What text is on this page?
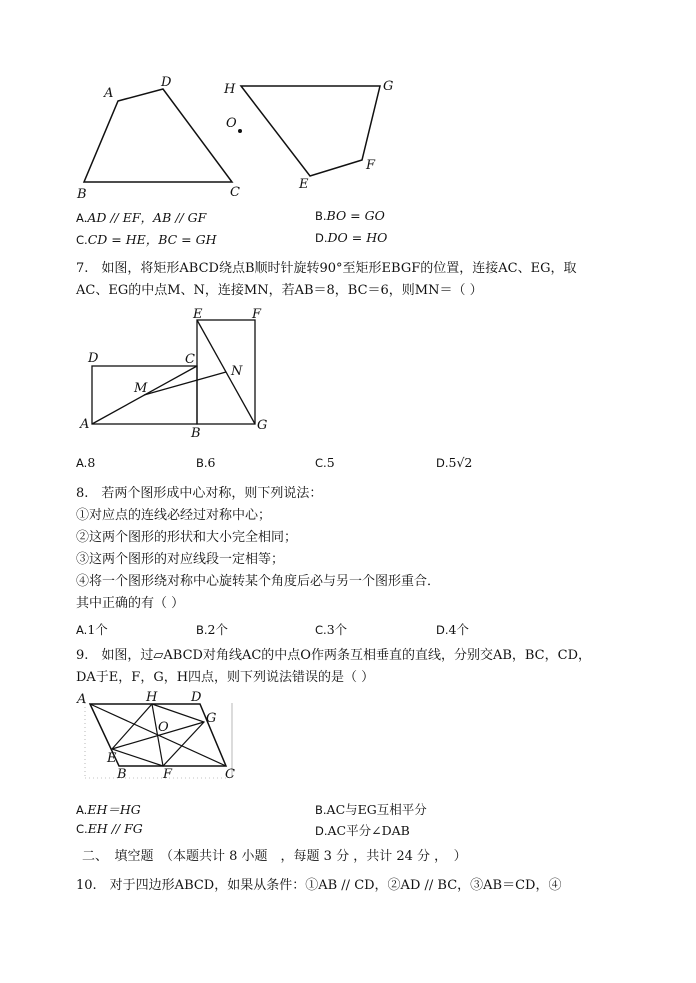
A
D
B	C
H	G
O
F
E
E	F
D	C
N
M
A
B
G
A	H	D
O
G
E
B	F	C
A.AD // EF，AB // GF	B.BO = GO
C.CD = HE，BC = GH	D.DO = HO
7.　如图，将矩形ABCD绕点B顺时针旋转90°至矩形EBGF的位置，连接AC、EG，取
AC、EG的中点M、N，连接MN，若AB＝8，BC＝6，则MN＝（ ）
A.8	B.6	C.5	D.5√2
8.　若两个图形成中心对称，则下列说法：
①对应点的连线必经过对称中心；
②这两个图形的形状和大小完全相同；
③这两个图形的对应线段一定相等；
④将一个图形绕对称中心旋转某个角度后必与另一个图形重合．
其中正确的有（ ）
A.1个	B.2个	C.3个	D.4个
9.　如图，过▱ABCD对角线AC的中点O作两条互相垂直的直线，分别交AB，BC，CD，
DA于E，F，G，H四点，则下列说法错误的是（ ）
A.EH＝HG	B.AC与EG互相平分
C.EH // FG	D.AC平分∠DAB
二、　填空题　（本题共计 8 小题　，每题 3 分 ，共计 24 分 ，　）
10.　对于四边形ABCD，如果从条件：①AB // CD，②AD // BC，③AB＝CD，④
